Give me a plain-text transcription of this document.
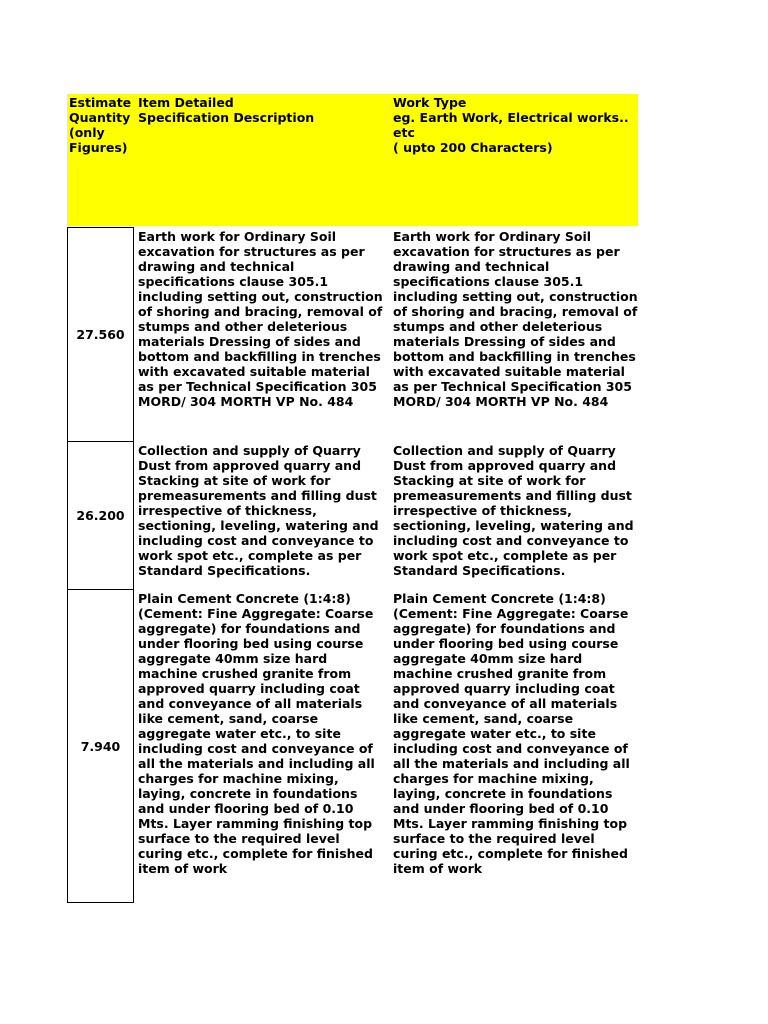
Estimate
Quantity
(only
Figures)
Item Detailed
Specification Description
Work Type
eg. Earth Work, Electrical works..
etc
( upto 200 Characters)
27.560
Earth work for Ordinary Soil excavation for structures as per drawing and technical specifications clause 305.1 including setting out, construction of shoring and bracing, removal of stumps and other deleterious materials Dressing of sides and bottom and backfilling in trenches with excavated suitable material as per Technical Specification 305 MORD/ 304 MORTH VP No. 484
Earth work for Ordinary Soil excavation for structures as per drawing and technical specifications clause 305.1 including setting out, construction of shoring and bracing, removal of stumps and other deleterious materials Dressing of sides and bottom and backfilling in trenches with excavated suitable material as per Technical Specification 305 MORD/ 304 MORTH VP No. 484
26.200
Collection and supply of Quarry Dust from approved quarry and Stacking at site of work for premeasurements and filling dust irrespective of thickness, sectioning, leveling, watering and including cost and conveyance to work spot etc., complete as per Standard Specifications.
Collection and supply of Quarry Dust from approved quarry and Stacking at site of work for premeasurements and filling dust irrespective of thickness, sectioning, leveling, watering and including cost and conveyance to work spot etc., complete as per Standard Specifications.
7.940
Plain Cement Concrete (1:4:8) (Cement: Fine Aggregate: Coarse aggregate) for foundations and under flooring bed using course aggregate 40mm size hard machine crushed granite from approved quarry including coat and conveyance of all materials like cement, sand, coarse aggregate water etc., to site including cost and conveyance of all the materials and including all charges for machine mixing, laying, concrete in foundations and under flooring bed of 0.10 Mts. Layer ramming finishing top surface to the required level curing etc., complete for finished item of work
Plain Cement Concrete (1:4:8) (Cement: Fine Aggregate: Coarse aggregate) for foundations and under flooring bed using course aggregate 40mm size hard machine crushed granite from approved quarry including coat and conveyance of all materials like cement, sand, coarse aggregate water etc., to site including cost and conveyance of all the materials and including all charges for machine mixing, laying, concrete in foundations and under flooring bed of 0.10 Mts. Layer ramming finishing top surface to the required level curing etc., complete for finished item of work
